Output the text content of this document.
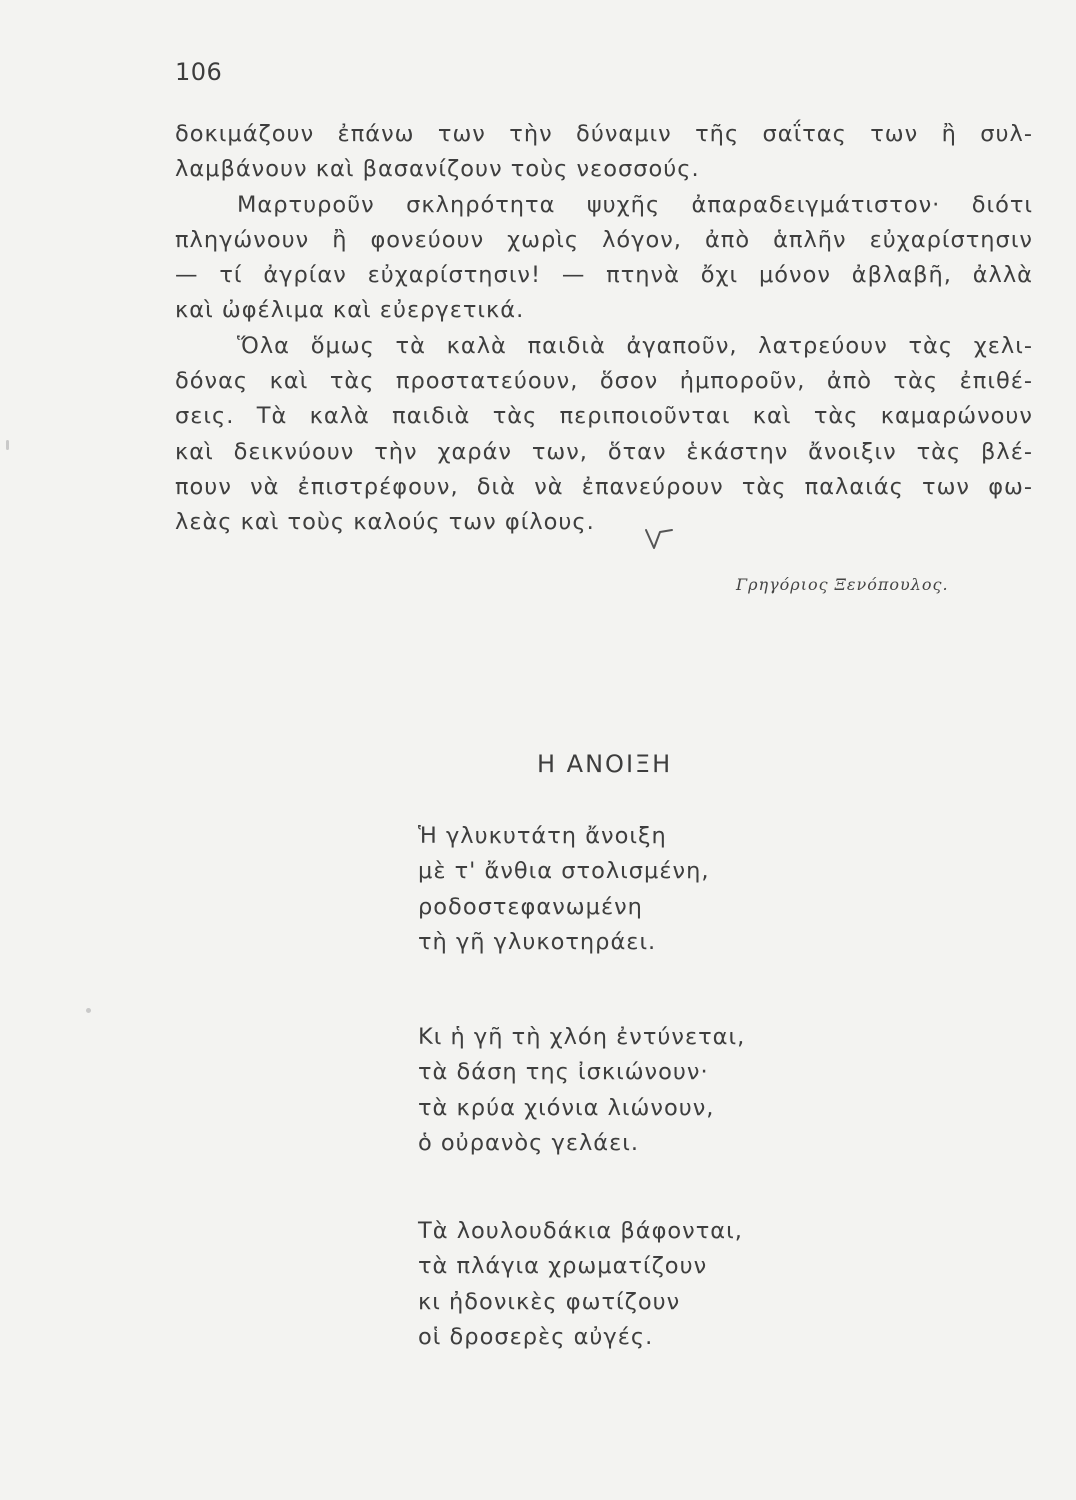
106
δοκιμάζουν ἐπάνω των τὴν δύναμιν τῆς σαΐτας των ἢ συλ-
λαμβάνουν καὶ βασανίζουν τοὺς νεοσσούς.
Μαρτυροῦν σκληρότητα ψυχῆς ἀπαραδειγμάτιστον· διότι
πληγώνουν ἢ φονεύουν χωρὶς λόγον, ἀπὸ ἁπλῆν εὐχαρίστησιν
— τί ἀγρίαν εὐχαρίστησιν! — πτηνὰ ὄχι μόνον ἀβλαβῆ, ἀλλὰ
καὶ ὠφέλιμα καὶ εὐεργετικά.
Ὅλα ὅμως τὰ καλὰ παιδιὰ ἀγαποῦν, λατρεύουν τὰς χελι-
δόνας καὶ τὰς προστατεύουν, ὅσον ἠμποροῦν, ἀπὸ τὰς ἐπιθέ-
σεις. Τὰ καλὰ παιδιὰ τὰς περιποιοῦνται καὶ τὰς καμαρώνουν
καὶ δεικνύουν τὴν χαράν των, ὅταν ἑκάστην ἄνοιξιν τὰς βλέ-
πουν νὰ ἐπιστρέφουν, διὰ νὰ ἐπανεύρουν τὰς παλαιάς των φω-
λεὰς καὶ τοὺς καλούς των φίλους.
Γρηγόριος Ξενόπουλος.
Η ΑΝΟΙΞΗ
Ἡ γλυκυτάτη ἄνοιξη
μὲ τ' ἄνθια στολισμένη,
ροδοστεφανωμένη
τὴ γῆ γλυκοτηράει.
Κι ἡ γῆ τὴ χλόη ἐντύνεται,
τὰ δάση της ἰσκιώνουν·
τὰ κρύα χιόνια λιώνουν,
ὁ οὐρανὸς γελάει.
Τὰ λουλουδάκια βάφονται,
τὰ πλάγια χρωματίζουν
κι ἠδονικὲς φωτίζουν
οἱ δροσερὲς αὐγές.
